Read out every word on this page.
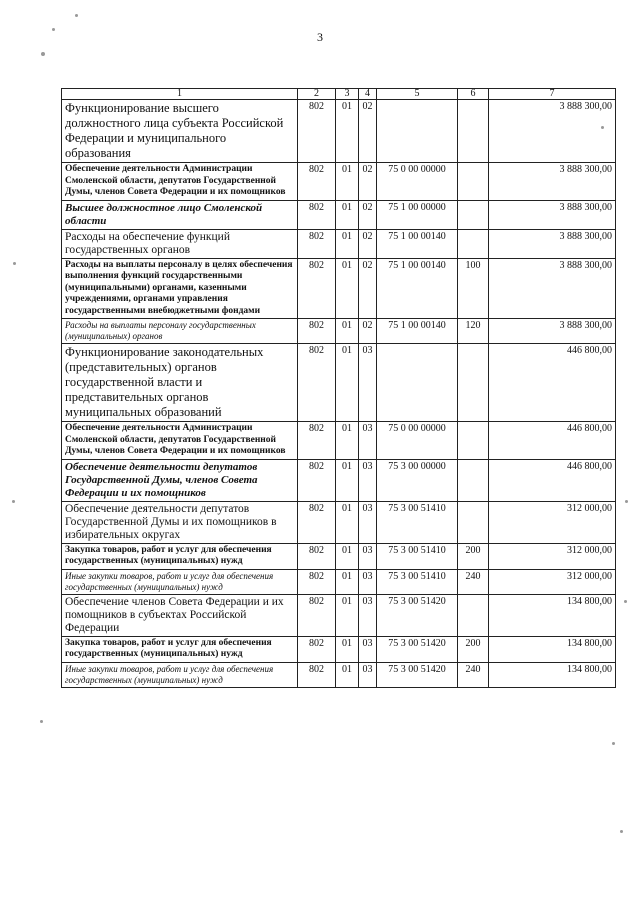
3
1	2	3	4	5	6	7
Функционирование высшего должностного лица субъекта Российской Федерации и муниципального образования	802	01	02			3 888 300,00
Обеспечение деятельности Администрации Смоленской области, депутатов Государственной Думы, членов Совета Федерации и их помощников	802	01	02	75 0 00 00000		3 888 300,00
Высшее должностное лицо Смоленской области	802	01	02	75 1 00 00000		3 888 300,00
Расходы на обеспечение функций государственных органов	802	01	02	75 1 00 00140		3 888 300,00
Расходы на выплаты персоналу в целях обеспечения выполнения функций государственными (муниципальными) органами, казенными учреждениями, органами управления государственными внебюджетными фондами	802	01	02	75 1 00 00140	100	3 888 300,00
Расходы на выплаты персоналу государственных (муниципальных) органов	802	01	02	75 1 00 00140	120	3 888 300,00
Функционирование законодательных (представительных) органов государственной власти и представительных органов муниципальных образований	802	01	03			446 800,00
Обеспечение деятельности Администрации Смоленской области, депутатов Государственной Думы, членов Совета Федерации и их помощников	802	01	03	75 0 00 00000		446 800,00
Обеспечение деятельности депутатов Государственной Думы, членов Совета Федерации и их помощников	802	01	03	75 3 00 00000		446 800,00
Обеспечение деятельности депутатов Государственной Думы и их помощников в избирательных округах	802	01	03	75 3 00 51410		312 000,00
Закупка товаров, работ и услуг для обеспечения государственных (муниципальных) нужд	802	01	03	75 3 00 51410	200	312 000,00
Иные закупки товаров, работ и услуг для обеспечения государственных (муниципальных) нужд	802	01	03	75 3 00 51410	240	312 000,00
Обеспечение членов Совета Федерации и их помощников в субъектах Российской Федерации	802	01	03	75 3 00 51420		134 800,00
Закупка товаров, работ и услуг для обеспечения государственных (муниципальных) нужд	802	01	03	75 3 00 51420	200	134 800,00
Иные закупки товаров, работ и услуг для обеспечения государственных (муниципальных) нужд	802	01	03	75 3 00 51420	240	134 800,00
